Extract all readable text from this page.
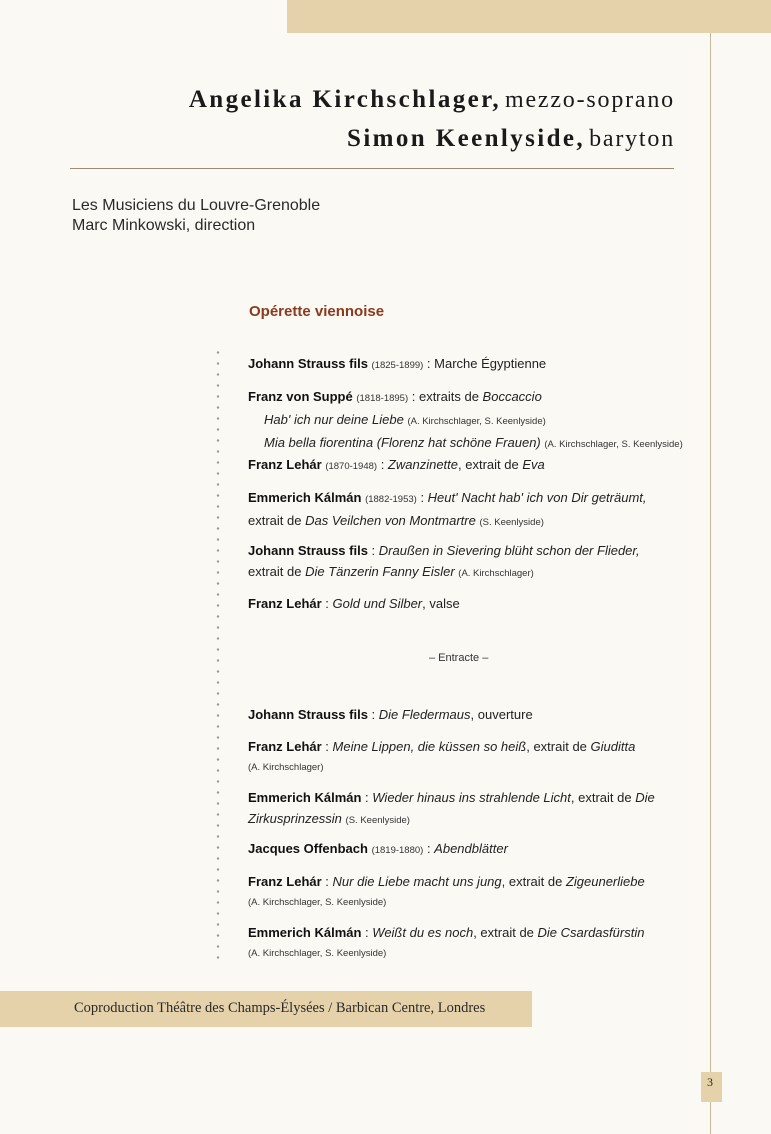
Angelika Kirchschlager, mezzo-soprano
Simon Keenlyside, baryton
Les Musiciens du Louvre-Grenoble
Marc Minkowski, direction
Opérette viennoise
Johann Strauss fils (1825-1899) : Marche Égyptienne
Franz von Suppé (1818-1895) : extraits de Boccaccio
Hab' ich nur deine Liebe (A. Kirchschlager, S. Keenlyside)
Mia bella fiorentina (Florenz hat schöne Frauen) (A. Kirchschlager, S. Keenlyside)
Franz Lehár (1870-1948) : Zwanzinette, extrait de Eva
Emmerich Kálmán (1882-1953) : Heut' Nacht hab' ich von Dir geträumt,
extrait de Das Veilchen von Montmartre (S. Keenlyside)
Johann Strauss fils : Draußen in Sievering blüht schon der Flieder,
extrait de Die Tänzerin Fanny Eisler (A. Kirchschlager)
Franz Lehár : Gold und Silber, valse
– Entracte –
Johann Strauss fils : Die Fledermaus, ouverture
Franz Lehár : Meine Lippen, die küssen so heiß, extrait de Giuditta
(A. Kirchschlager)
Emmerich Kálmán : Wieder hinaus ins strahlende Licht, extrait de Die
Zirkusprinzessin (S. Keenlyside)
Jacques Offenbach (1819-1880) : Abendblätter
Franz Lehár : Nur die Liebe macht uns jung, extrait de Zigeunerliebe
(A. Kirchschlager, S. Keenlyside)
Emmerich Kálmán : Weißt du es noch, extrait de Die Csardasfürstin
(A. Kirchschlager, S. Keenlyside)
Coproduction Théâtre des Champs-Élysées / Barbican Centre, Londres
3
